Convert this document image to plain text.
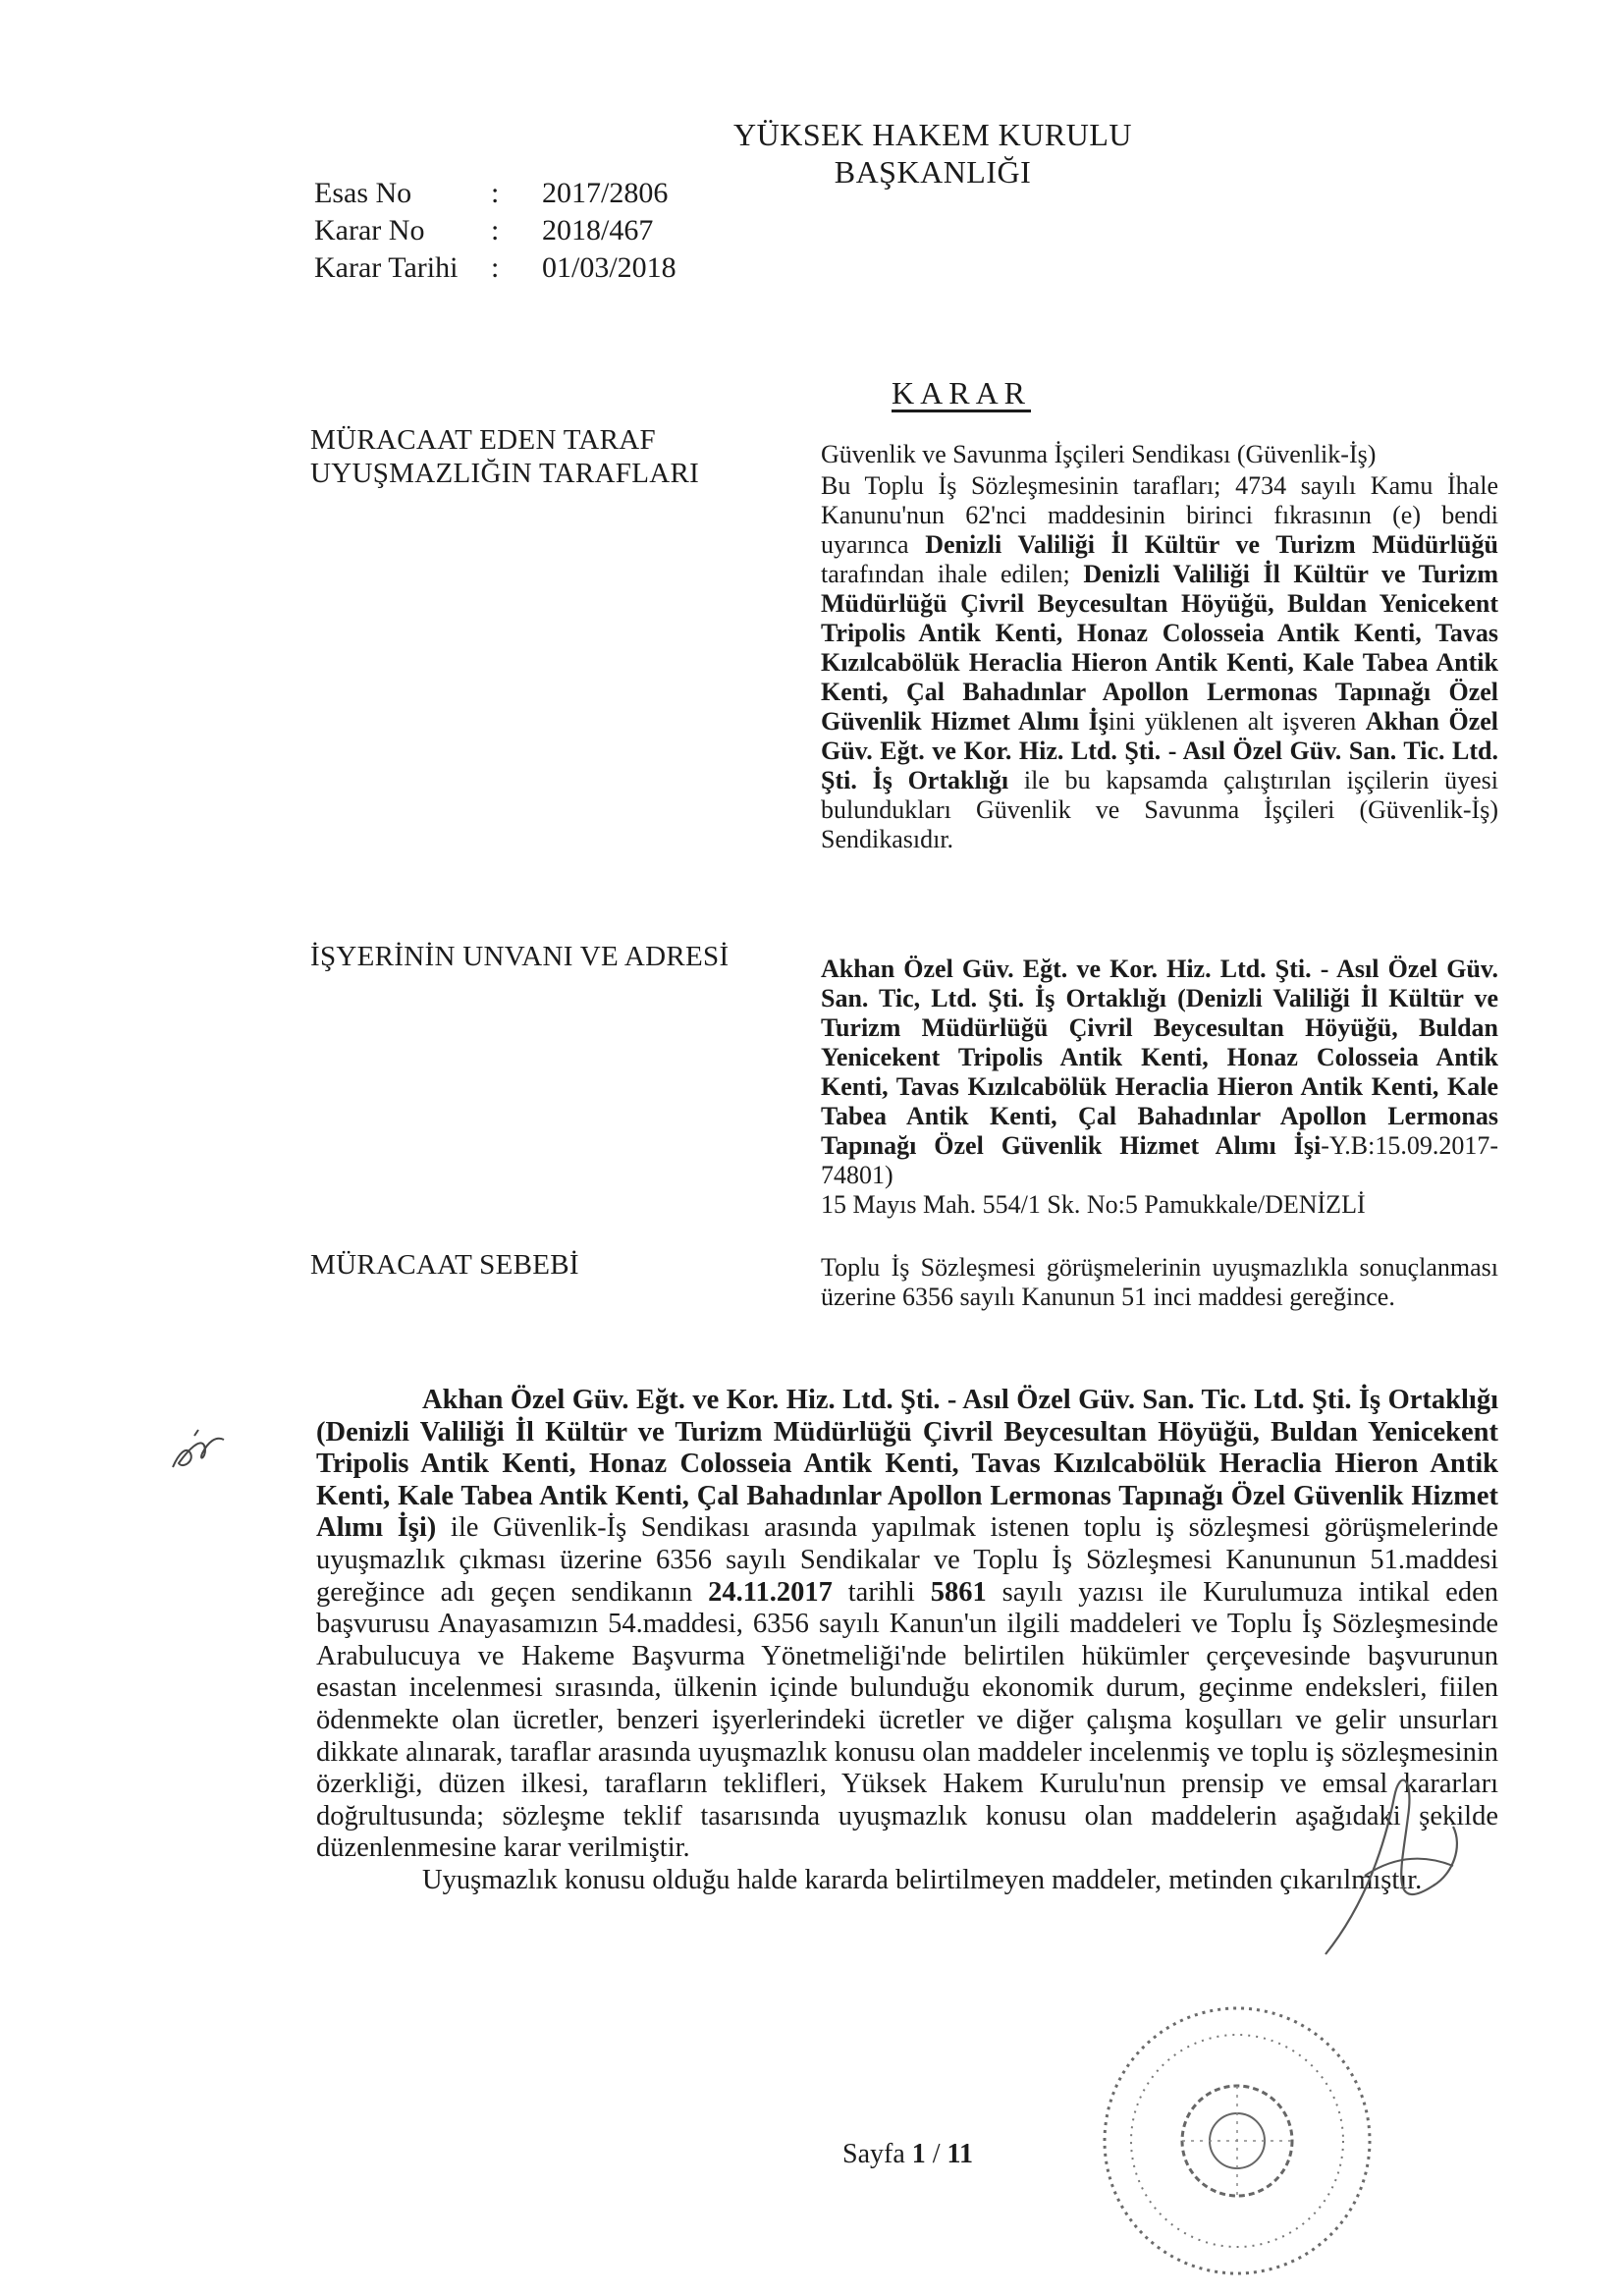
YÜKSEK HAKEM KURULU
BAŞKANLIĞI
Esas No	: 2017/2806
Karar No : 2018/467
Karar Tarihi : 01/03/2018
KARAR
MÜRACAAT EDEN TARAF
UYUŞMAZLIĞIN TARAFLARI
İŞYERİNİN UNVANI VE ADRESİ
MÜRACAAT SEBEBİ

Güvenlik ve Savunma İşçileri Sendikası (Güvenlik-İş)

Bu Toplu İş Sözleşmesinin tarafları; 4734 sayılı Kamu İhale Kanunu'nun 62'nci maddesinin birinci fıkrasının (e) bendi uyarınca Denizli Valiliği İl Kültür ve Turizm Müdürlüğü tarafından ihale edilen; Denizli Valiliği İl Kültür ve Turizm Müdürlüğü Çivril Beycesultan Höyüğü, Buldan Yenicekent Tripolis Antik Kenti, Honaz Colosseia Antik Kenti, Tavas Kızılcabölük Heraclia Hieron Antik Kenti, Kale Tabea Antik Kenti, Çal Bahadınlar Apollon Lermonas Tapınağı Özel Güvenlik Hizmet Alımı İşini yüklenen alt işveren Akhan Özel Güv. Eğt. ve Kor. Hiz. Ltd. Şti. - Asıl Özel Güv. San. Tic. Ltd. Şti. İş Ortaklığı ile bu kapsamda çalıştırılan işçilerin üyesi bulundukları Güvenlik ve Savunma İşçileri (Güvenlik-İş) Sendikasıdır.

Akhan Özel Güv. Eğt. ve Kor. Hiz. Ltd. Şti. - Asıl Özel Güv. San. Tic, Ltd. Şti. İş Ortaklığı (Denizli Valiliği İl Kültür ve Turizm Müdürlüğü Çivril Beycesultan Höyüğü, Buldan Yenicekent Tripolis Antik Kenti, Honaz Colosseia Antik Kenti, Tavas Kızılcabölük Heraclia Hieron Antik Kenti, Kale Tabea Antik Kenti, Çal Bahadınlar Apollon Lermonas Tapınağı Özel Güvenlik Hizmet Alımı İşi-Y.B:15.09.2017-74801)

15 Mayıs Mah. 554/1 Sk. No:5 Pamukkale/DENİZLİ

Toplu İş Sözleşmesi görüşmelerinin uyuşmazlıkla sonuçlanması üzerine 6356 sayılı Kanunun 51 inci maddesi gereğince.

Akhan Özel Güv. Eğt. ve Kor. Hiz. Ltd. Şti. - Asıl Özel Güv. San. Tic. Ltd. Şti. İş Ortaklığı (Denizli Valiliği İl Kültür ve Turizm Müdürlüğü Çivril Beycesultan Höyüğü, Buldan Yenicekent Tripolis Antik Kenti, Honaz Colosseia Antik Kenti, Tavas Kızılcabölük Heraclia Hieron Antik Kenti, Kale Tabea Antik Kenti, Çal Bahadınlar Apollon Lermonas Tapınağı Özel Güvenlik Hizmet Alımı İşi) ile Güvenlik-İş Sendikası arasında yapılmak istenen toplu iş sözleşmesi görüşmelerinde uyuşmazlık çıkması üzerine 6356 sayılı Sendikalar ve Toplu İş Sözleşmesi Kanununun 51.maddesi gereğince adı geçen sendikanın 24.11.2017 tarihli 5861 sayılı yazısı ile Kurulumuza intikal eden başvurusu Anayasamızın 54.maddesi, 6356 sayılı Kanun'un ilgili maddeleri ve Toplu İş Sözleşmesinde Arabulucuya ve Hakeme Başvurma Yönetmeliği'nde belirtilen hükümler çerçevesinde başvurunun esastan incelenmesi sırasında, ülkenin içinde bulunduğu ekonomik durum, geçinme endeksleri, fiilen ödenmekte olan ücretler, benzeri işyerlerindeki ücretler ve diğer çalışma koşulları ve gelir unsurları dikkate alınarak, taraflar arasında uyuşmazlık konusu olan maddeler incelenmiş ve toplu iş sözleşmesinin özerkliği, düzen ilkesi, tarafların teklifleri, Yüksek Hakem Kurulu'nun prensip ve emsal kararları doğrultusunda; sözleşme teklif tasarısında uyuşmazlık konusu olan maddelerin aşağıdaki şekilde düzenlenmesine karar verilmiştir.

Uyuşmazlık konusu olduğu halde kararda belirtilmeyen maddeler, metinden çıkarılmıştır.

Sayfa 1 / 11
